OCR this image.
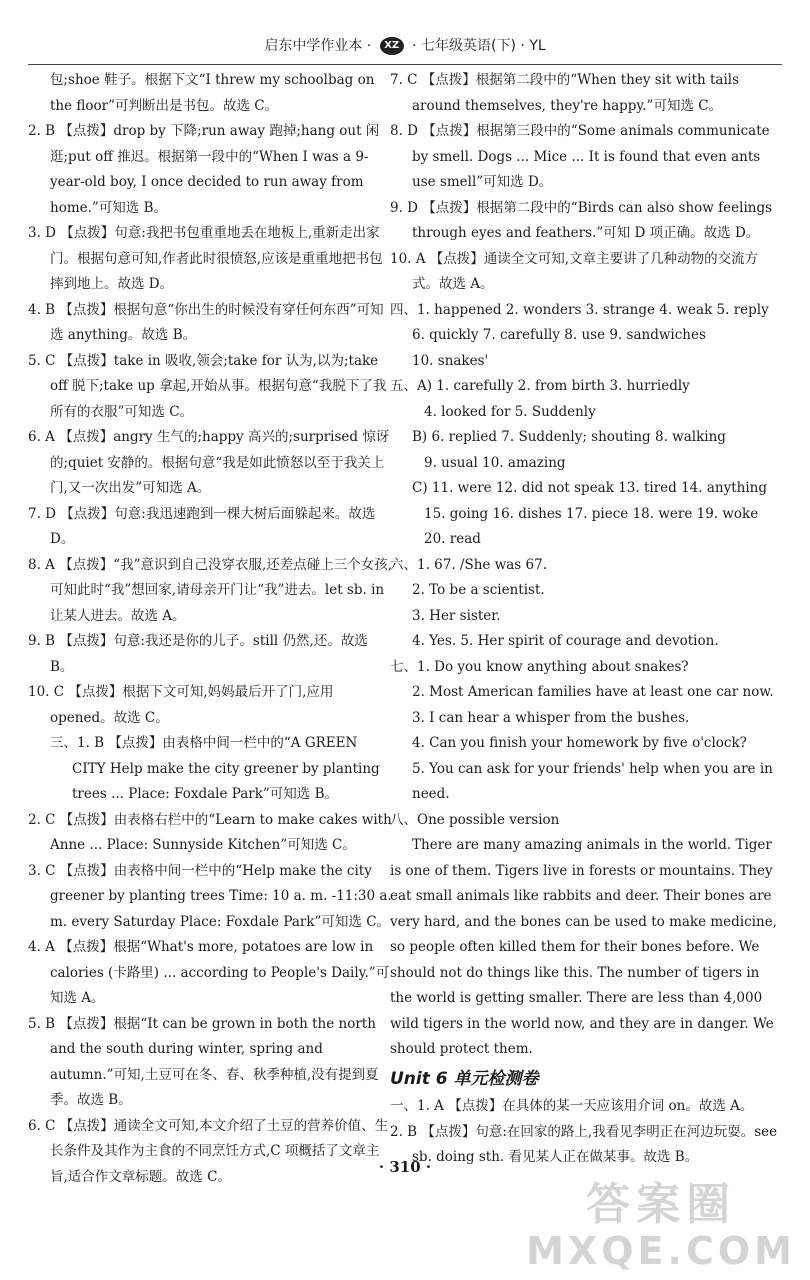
启东中学作业本 · XZ · 七年级英语(下) · YL

包;shoe 鞋子。根据下文“I threw my schoolbag on the floor”可判断出是书包。故选 C。

2. B 【点拨】drop by 下降;run away 跑掉;hang out 闲逛;put off 推迟。根据第一段中的“When I was a 9-year-old boy, I once decided to run away from home.”可知选 B。

3. D 【点拨】句意:我把书包重重地丢在地板上,重新走出家门。根据句意可知,作者此时很愤怒,应该是重重地把书包摔到地上。故选 D。

4. B 【点拨】根据句意“你出生的时候没有穿任何东西”可知选 anything。故选 B。

5. C 【点拨】take in 吸收,领会;take for 认为,以为;take off 脱下;take up 拿起,开始从事。根据句意“我脱下了我所有的衣服”可知选 C。

6. A 【点拨】angry 生气的;happy 高兴的;surprised 惊讶的;quiet 安静的。根据句意“我是如此愤怒以至于我关上门,又一次出发”可知选 A。

7. D 【点拨】句意:我迅速跑到一棵大树后面躲起来。故选 D。

8. A 【点拨】“我”意识到自己没穿衣服,还差点碰上三个女孩,可知此时“我”想回家,请母亲开门让“我”进去。let sb. in 让某人进去。故选 A。

9. B 【点拨】句意:我还是你的儿子。still 仍然,还。故选 B。

10. C 【点拨】根据下文可知,妈妈最后开了门,应用 opened。故选 C。

三、1. B 【点拨】由表格中间一栏中的“A GREEN CITY Help make the city greener by planting trees ... Place: Foxdale Park”可知选 B。

2. C 【点拨】由表格右栏中的“Learn to make cakes with Anne ... Place: Sunnyside Kitchen”可知选 C。

3. C 【点拨】由表格中间一栏中的“Help make the city greener by planting trees Time: 10 a. m. -11:30 a. m. every Saturday Place: Foxdale Park”可知选 C。

4. A 【点拨】根据“What's more, potatoes are low in calories (卡路里) ... according to People's Daily.”可知选 A。

5. B 【点拨】根据“It can be grown in both the north and the south during winter, spring and autumn.”可知,土豆可在冬、春、秋季种植,没有提到夏季。故选 B。

6. C 【点拨】通读全文可知,本文介绍了土豆的营养价值、生长条件及其作为主食的不同烹饪方式,C 项概括了文章主旨,适合作文章标题。故选 C。

7. C 【点拨】根据第二段中的“When they sit with tails around themselves, they're happy.”可知选 C。

8. D 【点拨】根据第三段中的“Some animals communicate by smell. Dogs ... Mice ... It is found that even ants use smell”可知选 D。

9. D 【点拨】根据第二段中的“Birds can also show feelings through eyes and feathers.”可知 D 项正确。故选 D。

10. A 【点拨】通读全文可知,文章主要讲了几种动物的交流方式。故选 A。

四、1. happened 2. wonders 3. strange 4. weak 5. reply

6. quickly 7. carefully 8. use 9. sandwiches

10. snakes'

五、A) 1. carefully 2. from birth 3. hurriedly

4. looked for 5. Suddenly

B) 6. replied 7. Suddenly; shouting 8. walking

9. usual 10. amazing

C) 11. were 12. did not speak 13. tired 14. anything

15. going 16. dishes 17. piece 18. were 19. woke

20. read

六、1. 67. /She was 67.

2. To be a scientist.

3. Her sister.

4. Yes. 5. Her spirit of courage and devotion.

七、1. Do you know anything about snakes?

2. Most American families have at least one car now.

3. I can hear a whisper from the bushes.

4. Can you finish your homework by five o'clock?

5. You can ask for your friends' help when you are in need.

八、One possible version

There are many amazing animals in the world. Tiger is one of them. Tigers live in forests or mountains. They eat small animals like rabbits and deer. Their bones are very hard, and the bones can be used to make medicine, so people often killed them for their bones before. We should not do things like this. The number of tigers in the world is getting smaller. There are less than 4,000 wild tigers in the world now, and they are in danger. We should protect them.

Unit 6 单元检测卷

一、1. A 【点拨】在具体的某一天应该用介词 on。故选 A。

2. B 【点拨】句意:在回家的路上,我看见李明正在河边玩耍。see sb. doing sth. 看见某人正在做某事。故选 B。

· 310 ·
答案圈
MXQE.COM
